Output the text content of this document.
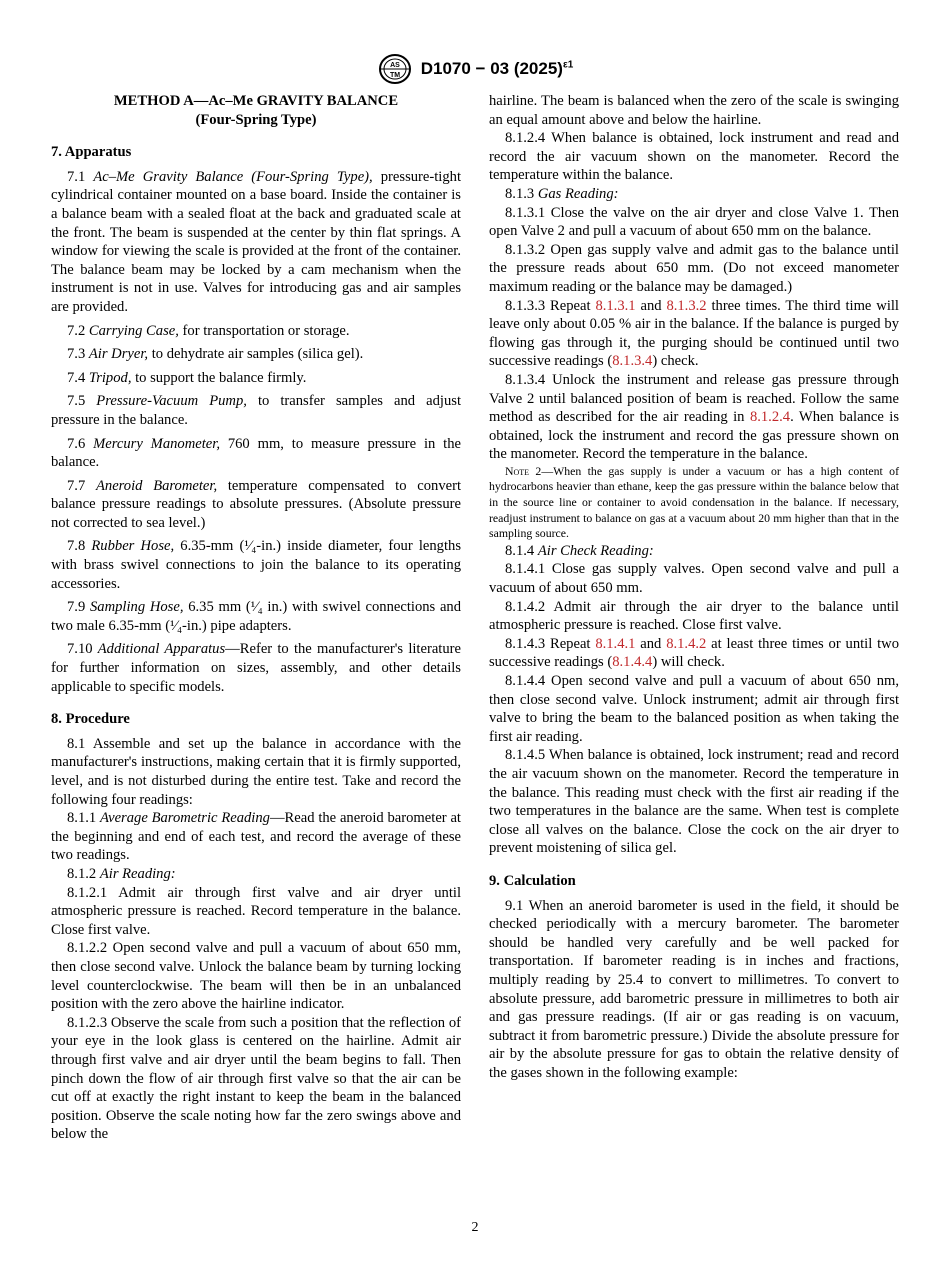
AS
TM D1070 − 03 $(2025)^{\varepsilon 1}$

METHOD A—Ac–Me GRAVITY BALANCE

(Four-Spring Type)

7. Apparatus

7.1 Ac–Me Gravity Balance (Four-Spring Type), pressure-tight cylindrical container mounted on a base board. Inside the container is a balance beam with a sealed float at the back and graduated scale at the front. The beam is suspended at the center by thin flat springs. A window for viewing the scale is provided at the front of the container. The balance beam may be locked by a cam mechanism when the instrument is not in use. Valves for introducing gas and air samples are provided.

7.2 Carrying Case, for transportation or storage.

7.3 Air Dryer, to dehydrate air samples (silica gel).

7.4 Tripod, to support the balance firmly.

7.5 Pressure-Vacuum Pump, to transfer samples and adjust pressure in the balance.

7.6 Mercury Manometer, 760 mm, to measure pressure in the balance.

7.7 Aneroid Barometer, temperature compensated to convert balance pressure readings to absolute pressures. (Absolute pressure not corrected to sea level.)

7.8 Rubber Hose, 6.35-mm (¹⁄₄-in.) inside diameter, four lengths with brass swivel connections to join the balance to its operating accessories.

7.9 Sampling Hose, 6.35 mm (¹⁄₄ in.) with swivel connections and two male 6.35-mm (¹⁄₄-in.) pipe adapters.

7.10 Additional Apparatus—Refer to the manufacturer's literature for further information on sizes, assembly, and other details applicable to specific models.

8. Procedure

8.1 Assemble and set up the balance in accordance with the manufacturer's instructions, making certain that it is firmly supported, level, and is not disturbed during the entire test. Take and record the following four readings:

8.1.1 Average Barometric Reading—Read the aneroid barometer at the beginning and end of each test, and record the average of these two readings.

8.1.2 Air Reading:

8.1.2.1 Admit air through first valve and air dryer until atmospheric pressure is reached. Record temperature in the balance. Close first valve.

8.1.2.2 Open second valve and pull a vacuum of about 650 mm, then close second valve. Unlock the balance beam by turning locking level counterclockwise. The beam will then be in an unbalanced position with the zero above the hairline indicator.

8.1.2.3 Observe the scale from such a position that the reflection of your eye in the look glass is centered on the hairline. Admit air through first valve and air dryer until the beam begins to fall. Then pinch down the flow of air through first valve so that the air can be cut off at exactly the right instant to keep the beam in the balanced position. Observe the scale noting how far the zero swings above and below the

hairline. The beam is balanced when the zero of the scale is swinging an equal amount above and below the hairline.

8.1.2.4 When balance is obtained, lock instrument and read and record the air vacuum shown on the manometer. Record the temperature within the balance.

8.1.3 Gas Reading:

8.1.3.1 Close the valve on the air dryer and close Valve 1. Then open Valve 2 and pull a vacuum of about 650 mm on the balance.

8.1.3.2 Open gas supply valve and admit gas to the balance until the pressure reads about 650 mm. (Do not exceed manometer maximum reading or the balance may be damaged.)

8.1.3.3 Repeat 8.1.3.1 and 8.1.3.2 three times. The third time will leave only about 0.05 % air in the balance. If the balance is purged by flowing gas through it, the purging should be continued until two successive readings (8.1.3.4) check.

8.1.3.4 Unlock the instrument and release gas pressure through Valve 2 until balanced position of beam is reached. Follow the same method as described for the air reading in 8.1.2.4. When balance is obtained, lock the instrument and record the gas pressure shown on the manometer. Record the temperature in the balance.

Note 2—When the gas supply is under a vacuum or has a high content of hydrocarbons heavier than ethane, keep the gas pressure within the balance below that in the source line or container to avoid condensation in the balance. If necessary, readjust instrument to balance on gas at a vacuum about 20 mm higher than that in the sampling source.

8.1.4 Air Check Reading:

8.1.4.1 Close gas supply valves. Open second valve and pull a vacuum of about 650 mm.

8.1.4.2 Admit air through the air dryer to the balance until atmospheric pressure is reached. Close first valve.

8.1.4.3 Repeat 8.1.4.1 and 8.1.4.2 at least three times or until two successive readings (8.1.4.4) will check.

8.1.4.4 Open second valve and pull a vacuum of about 650 nm, then close second valve. Unlock instrument; admit air through first valve to bring the beam to the balanced position as when taking the first air reading.

8.1.4.5 When balance is obtained, lock instrument; read and record the air vacuum shown on the manometer. Record the temperature in the balance. This reading must check with the first air reading if the two temperatures in the balance are the same. When test is complete close all valves on the balance. Close the cock on the air dryer to prevent moistening of silica gel.

9. Calculation

9.1 When an aneroid barometer is used in the field, it should be checked periodically with a mercury barometer. The barometer should be handled very carefully and be well packed for transportation. If barometer reading is in inches and fractions, multiply reading by 25.4 to convert to millimetres. To convert to absolute pressure, add barometric pressure in millimetres to both air and gas pressure readings. (If air or gas reading is on vacuum, subtract it from barometric pressure.) Divide the absolute pressure for air by the absolute pressure for gas to obtain the relative density of the gases shown in the following example:

2
